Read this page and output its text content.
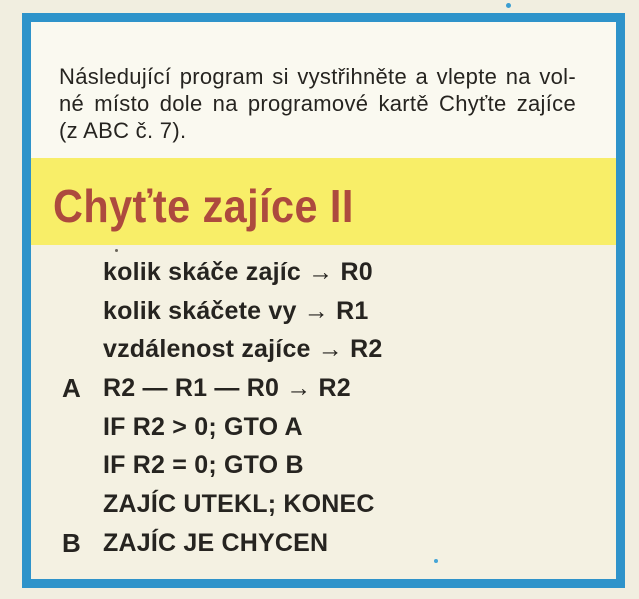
Následující program si vystřihněte a vlepte na vol-
né místo dole na programové kartě Chyťte zajíce
(z ABC č. 7).
Chyťte zajíce II
kolik skáče zajíc → R0
kolik skáčete vy → R1
vzdálenost zajíce → R2
A R2 — R1 — R0 → R2
IF R2 > 0; GTO A
IF R2 = 0; GTO B
ZAJÍC UTEKL; KONEC
B ZAJÍC JE CHYCEN
